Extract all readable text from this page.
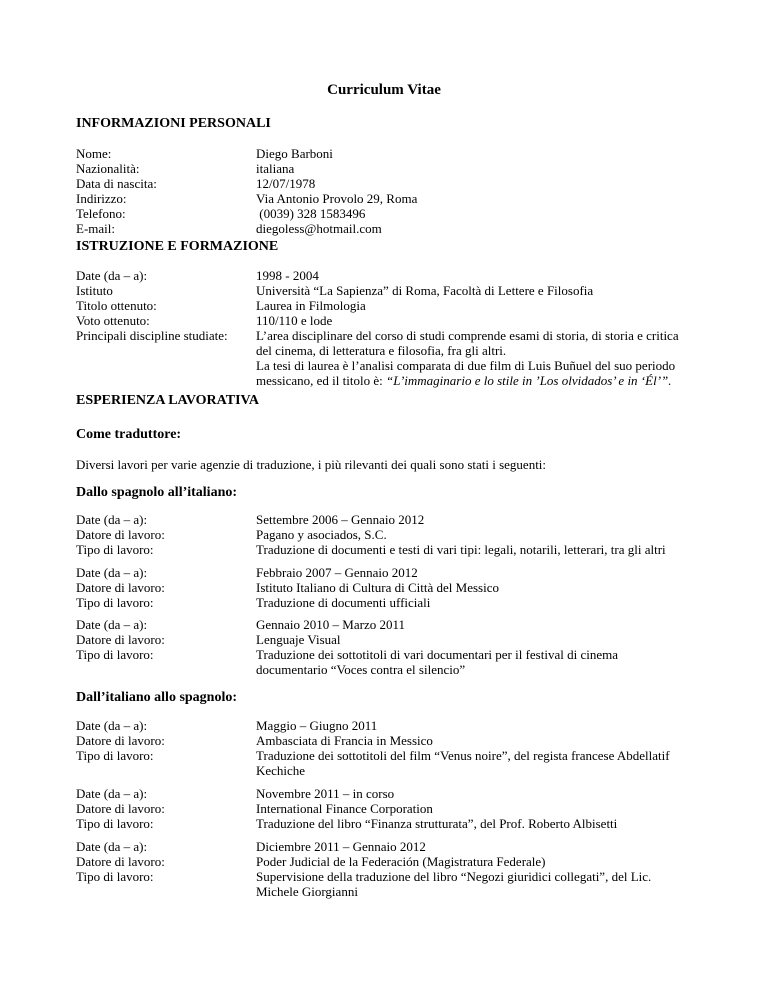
Curriculum Vitae
INFORMAZIONI PERSONALI
Nome:
Nazionalità:
Data di nascita:
Indirizzo:
Telefono:
E-mail:
Diego Barboni
italiana
12/07/1978
Via Antonio Provolo 29, Roma
(0039) 328 1583496
diegoless@hotmail.com
ISTRUZIONE E FORMAZIONE
Date (da – a):
Istituto
Titolo ottenuto:
Voto ottenuto:
Principali discipline studiate:
1998 - 2004
Università “La Sapienza” di Roma, Facoltà di Lettere e Filosofia
Laurea in Filmologia
110/110 e lode
L’area disciplinare del corso di studi comprende esami di storia, di storia e critica del cinema, di letteratura e filosofia, fra gli altri.
La tesi di laurea è l’analisi comparata di due film di Luis Buñuel del suo periodo messicano, ed il titolo è: “L’immaginario e lo stile in ’Los olvidados’ e in ‘Él’”.
ESPERIENZA LAVORATIVA
Come traduttore:
Diversi lavori per varie agenzie di traduzione, i più rilevanti dei quali sono stati i seguenti:
Dallo spagnolo all’italiano:
Date (da – a):
Datore di lavoro:
Tipo di lavoro:
Settembre 2006 – Gennaio 2012
Pagano y asociados, S.C.
Traduzione di documenti e testi di vari tipi: legali, notarili, letterari, tra gli altri
Date (da – a):
Datore di lavoro:
Tipo di lavoro:
Febbraio 2007 – Gennaio 2012
Istituto Italiano di Cultura di Città del Messico
Traduzione di documenti ufficiali
Date (da – a):
Datore di lavoro:
Tipo di lavoro:
Gennaio 2010 – Marzo 2011
Lenguaje Visual
Traduzione dei sottotitoli di vari documentari per il festival di cinema documentario “Voces contra el silencio”
Dall’italiano allo spagnolo:
Date (da – a):
Datore di lavoro:
Tipo di lavoro:
Maggio – Giugno 2011
Ambasciata di Francia in Messico
Traduzione dei sottotitoli del film “Venus noire”, del regista francese Abdellatif Kechiche
Date (da – a):
Datore di lavoro:
Tipo di lavoro:
Novembre 2011 – in corso
International Finance Corporation
Traduzione del libro “Finanza strutturata”, del Prof. Roberto Albisetti
Date (da – a):
Datore di lavoro:
Tipo di lavoro:
Diciembre 2011 – Gennaio 2012
Poder Judicial de la Federación (Magistratura Federale)
Supervisione della traduzione del libro “Negozi giuridici collegati”, del Lic. Michele Giorgianni
